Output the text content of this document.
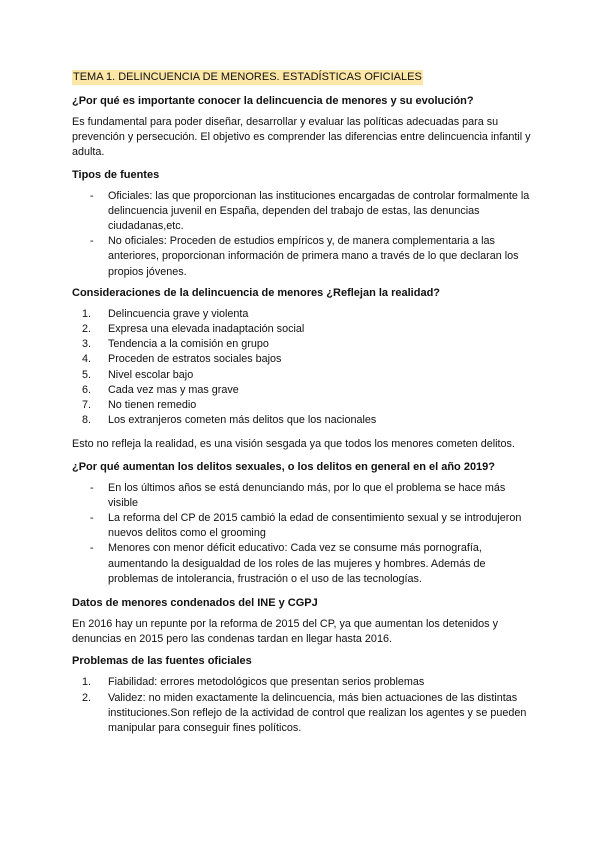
TEMA 1. DELINCUENCIA DE MENORES. ESTADÍSTICAS OFICIALES
¿Por qué es importante conocer la delincuencia de menores y su evolución?

Es fundamental para poder diseñar, desarrollar y evaluar las políticas adecuadas para su prevención y persecución. El objetivo es comprender las diferencias entre delincuencia infantil y adulta.

Tipos de fuentes
- Oficiales: las que proporcionan las instituciones encargadas de controlar formalmente la delincuencia juvenil en España, dependen del trabajo de estas, las denuncias ciudadanas,etc.
- No oficiales: Proceden de estudios empíricos y, de manera complementaria a las anteriores, proporcionan información de primera mano a través de lo que declaran los propios jóvenes.
Consideraciones de la delincuencia de menores ¿Reflejan la realidad?
1. Delincuencia grave y violenta
2. Expresa una elevada inadaptación social
3. Tendencia a la comisión en grupo
4. Proceden de estratos sociales bajos
5. Nivel escolar bajo
6. Cada vez mas y mas grave
7. No tienen remedio
8. Los extranjeros cometen más delitos que los nacionales

Esto no refleja la realidad, es una visión sesgada ya que todos los menores cometen delitos.

¿Por qué aumentan los delitos sexuales, o los delitos en general en el año 2019?
- En los últimos años se está denunciando más, por lo que el problema se hace más visible
- La reforma del CP de 2015 cambió la edad de consentimiento sexual y se introdujeron nuevos delitos como el grooming
- Menores con menor déficit educativo: Cada vez se consume más pornografía, aumentando la desigualdad de los roles de las mujeres y hombres. Además de problemas de intolerancia, frustración o el uso de las tecnologías.
Datos de menores condenados del INE y CGPJ

En 2016 hay un repunte por la reforma de 2015 del CP, ya que aumentan los detenidos y denuncias en 2015 pero las condenas tardan en llegar hasta 2016.

Problemas de las fuentes oficiales
1. Fiabilidad: errores metodológicos que presentan serios problemas
2. Validez: no miden exactamente la delincuencia, más bien actuaciones de las distintas instituciones.Son reflejo de la actividad de control que realizan los agentes y se pueden manipular para conseguir fines políticos.
